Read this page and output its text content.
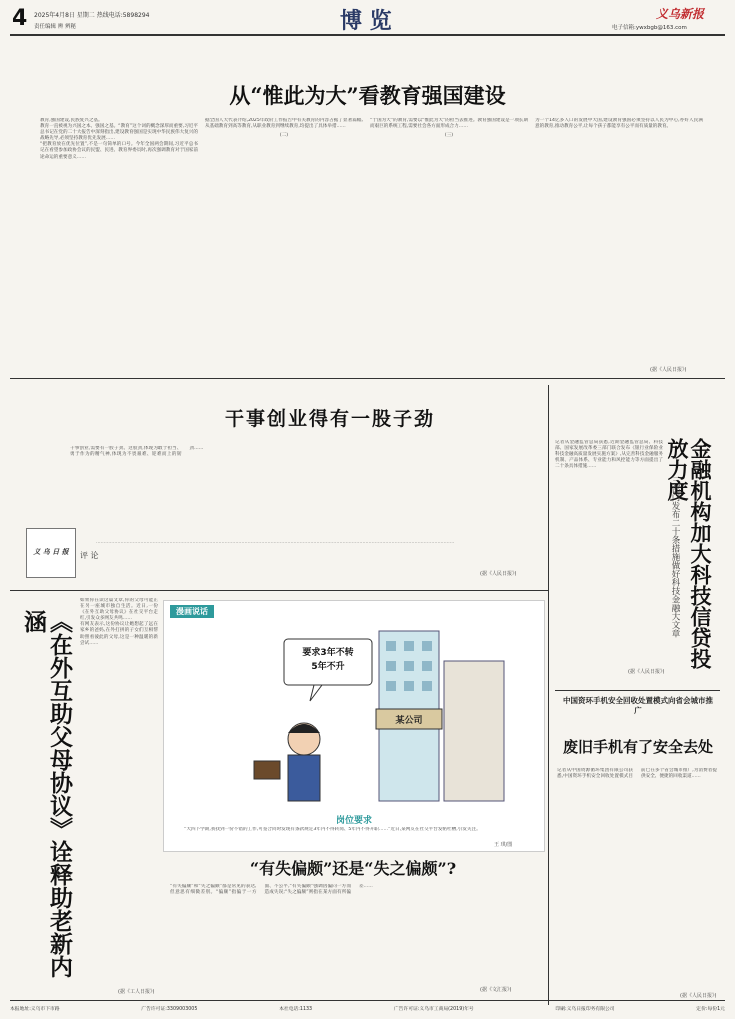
4 2025年4月8日 星期二 热线电话:5898294
责任编辑 辨 辨秘	博 览	义乌新报
电子信箱:ywxbgb@163.com
从“惟此为大”看教育强国建设
教育,强国建设,民族复兴之基。
教育一直被视为兴国之本、强国之基。“教育”这个词的概念深厚而重要,习近平总书记在党的二十大报告中深刻指出,建设教育强国是实现中华民族伟大复兴的战略先导,必须坚持教育优先发展……
“把教育放在优先位置”,不是一句简单的口号。今年全国两会期间,习近平总书记在看望参加政协会议的民盟、民进、教育界委员时,再次强调教育对于国家前途命运的重要意义……
据全国人大代表介绍,2025年政府工作报告中有关教育的内容占据了显著篇幅,从基础教育到高等教育,从职业教育到继续教育,均提出了具体举措……
(二)
“于国为大”的教育,需要以“惟此为大”的担当去推进。教育强国建设是一项长期而艰巨的系统工程,需要社会各方面形成合力……
(三)
为一个14亿多人口的发展中大国,建设教育强国必须坚持以人民为中心,办好人民满意的教育,推动教育公平,让每个孩子都能享有公平而有质量的教育。
(据《人民日报》)
干事创业得有一股子劲
义 乌 日 报	评 论
干事创业,需要有一股子劲。这股劲,体现为敢于担当、勇于作为的精气神,体现为不畏艰难、迎难而上的韧劲……
………………………………………………………………………………………………………………………………………………………………………………………………………………
(据《人民日报》)
记者从金融监管总局获悉,近期金融监管总局、科技部、国家发展改革委三部门联合发布《银行业保险业科技金融高质量发展实施方案》,从完善科技金融服务机制、产品体系、专业能力和风控能力等方面提出了二十条具体措施……
(据《人民日报》)
金融机构加大科技信贷投放力度
三部门发布二十条措施做好科技金融大文章
中国资环手机安全回收处置模式向省会城市推广
废旧手机有了安全去处
记者从中国资源循环集团有限公司获悉,中国资环手机安全回收处置模式目前已在多个省会城市推广,为消费者提供安全、便捷的回收渠道……
(据《人民日报》)
《在外互助父母协议》诠释助老新内涵
如果你在读这篇文章,你的父母可能正在另一座城市独自生活。近日,一份《在外互助父母协议》在社交平台走红,引发众多网友共鸣……
有网友表示,这份协议让她想起了远在家乡的爸妈,在外打拼的子女们互相帮助照看彼此的父母,这是一种温暖的新尝试……
(据《工人日报》)
漫画说话
要求3年不转
5年不升
某公司
岗位要求
“大四下学期,我找到一份不错的工作,可签合同时发现有条款规定3年内不得转岗、5年内不得升职……”近日,某网友在社交平台发帖吐槽,引发关注。
王 琪/图
“有失偏颇”还是“失之偏颇”?
“有失偏颇”和“失之偏颇”都是常见的表达,但意思有细微差别。“偏颇”指偏于一方面、不公平,“有失偏颇”强调因偏向一方而造成失误;“失之偏颇”则指在某方面有所偏差……
(据《文汇报》)
本报地址:义乌市下市路	广告许可证:3309003005	本社电话:1133	广告许可证:义乌市工商局(2019)年号	印刷:义乌日报印务有限公司	定价:每份1元
